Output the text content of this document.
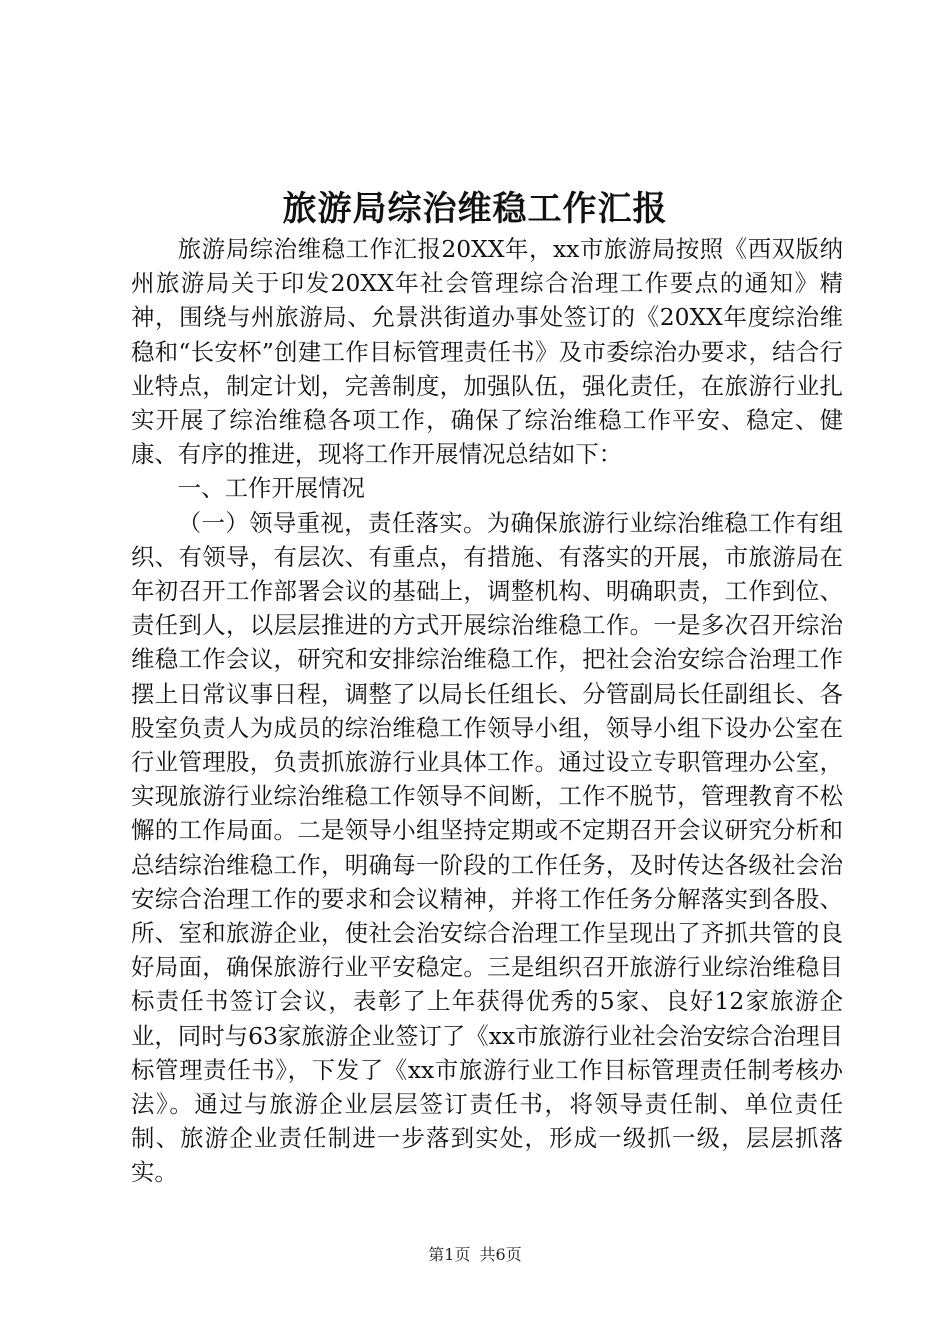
旅游局综治维稳工作汇报

旅游局综治维稳工作汇报20XX年，xx市旅游局按照《西双版纳州旅游局关于印发20XX年社会管理综合治理工作要点的通知》精神，围绕与州旅游局、允景洪街道办事处签订的《20XX年度综治维稳和“长安杯”创建工作目标管理责任书》及市委综治办要求，结合行业特点，制定计划，完善制度，加强队伍，强化责任，在旅游行业扎实开展了综治维稳各项工作，确保了综治维稳工作平安、稳定、健康、有序的推进，现将工作开展情况总结如下：

一、工作开展情况

（一）领导重视，责任落实。为确保旅游行业综治维稳工作有组织、有领导，有层次、有重点，有措施、有落实的开展，市旅游局在年初召开工作部署会议的基础上，调整机构、明确职责，工作到位、责任到人，以层层推进的方式开展综治维稳工作。一是多次召开综治维稳工作会议，研究和安排综治维稳工作，把社会治安综合治理工作摆上日常议事日程，调整了以局长任组长、分管副局长任副组长、各股室负责人为成员的综治维稳工作领导小组，领导小组下设办公室在行业管理股，负责抓旅游行业具体工作。通过设立专职管理办公室，实现旅游行业综治维稳工作领导不间断，工作不脱节，管理教育不松懈的工作局面。二是领导小组坚持定期或不定期召开会议研究分析和总结综治维稳工作，明确每一阶段的工作任务，及时传达各级社会治安综合治理工作的要求和会议精神，并将工作任务分解落实到各股、所、室和旅游企业，使社会治安综合治理工作呈现出了齐抓共管的良好局面，确保旅游行业平安稳定。三是组织召开旅游行业综治维稳目标责任书签订会议，表彰了上年获得优秀的5家、良好12家旅游企业，同时与63家旅游企业签订了《xx市旅游行业社会治安综合治理目标管理责任书》，下发了《xx市旅游行业工作目标管理责任制考核办法》。通过与旅游企业层层签订责任书，将领导责任制、单位责任制、旅游企业责任制进一步落到实处，形成一级抓一级，层层抓落实。

第1页 共6页
